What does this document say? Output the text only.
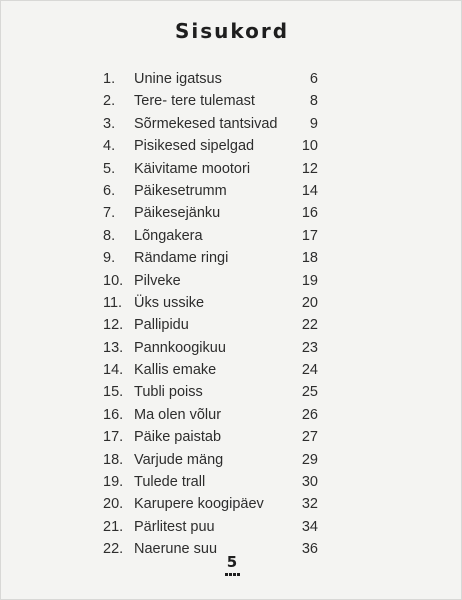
Sisukord
1. Unine igatsus	6
2. Tere- tere tulemast	8
3. Sõrmekesed tantsivad 9
4. Pisikesed sipelgad	10
5. Käivitame mootori	12
6. Päikesetrumm	14
7. Päikesejänku	16
8. Lõngakera	17
9. Rändame ringi	18
10. Pilveke	19
11. Üks ussike	20
12. Pallipidu	22
13. Pannkoogikuu	23
14. Kallis emake	24
15. Tubli poiss	25
16. Ma olen võlur	26
17. Päike paistab	27
18. Varjude mäng	29
19. Tulede trall	30
20. Karupere koogipäev	32
21. Pärlitest puu	34
22. Naerune suu	36
5
